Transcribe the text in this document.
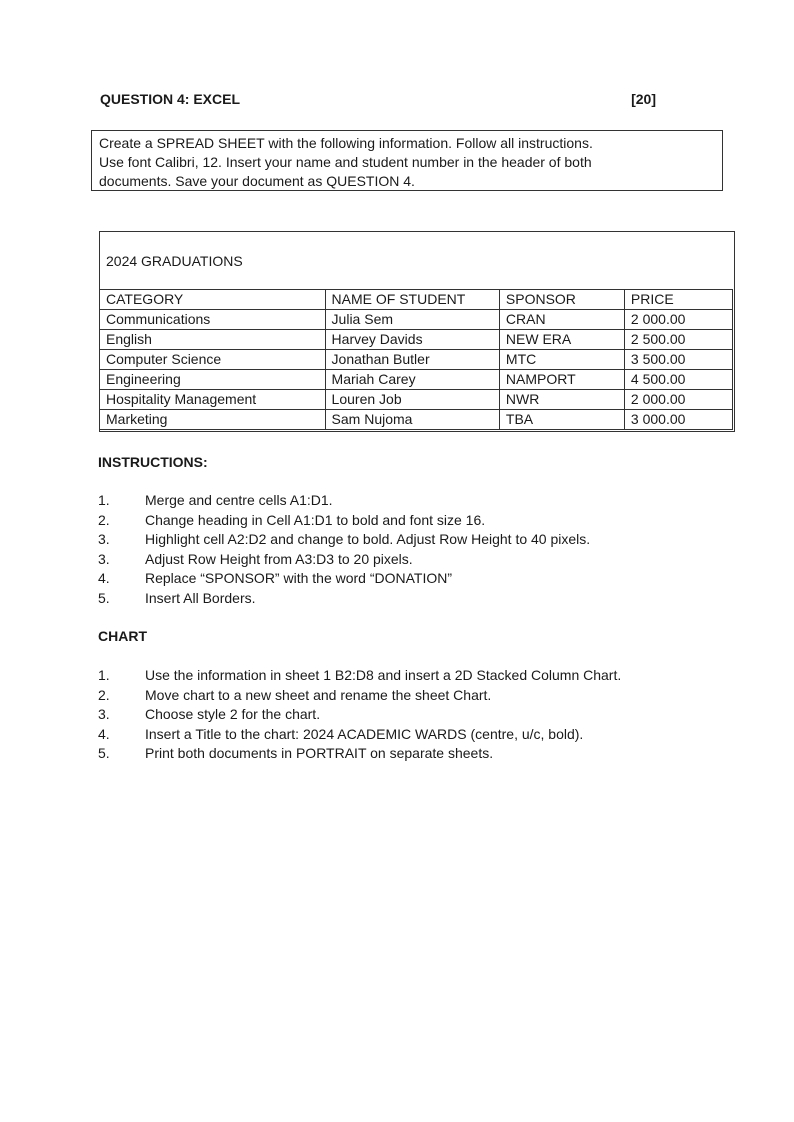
QUESTION 4: EXCEL	[20]
Create a SPREAD SHEET with the following information. Follow all instructions.
Use font Calibri, 12. Insert your name and student number in the header of both
documents. Save your document as QUESTION 4.
2024 GRADUATIONS
CATEGORY	NAME OF STUDENT	SPONSOR	PRICE
Communications	Julia Sem	CRAN	2 000.00
English	Harvey Davids	NEW ERA	2 500.00
Computer Science	Jonathan Butler	MTC	3 500.00
Engineering	Mariah Carey	NAMPORT	4 500.00
Hospitality Management	Louren Job	NWR	2 000.00
Marketing	Sam Nujoma	TBA	3 000.00
INSTRUCTIONS:
1.	Merge and centre cells A1:D1.
2.	Change heading in Cell A1:D1 to bold and font size 16.
3.	Highlight cell A2:D2 and change to bold. Adjust Row Height to 40 pixels.
3.	Adjust Row Height from A3:D3 to 20 pixels.
4.	Replace “SPONSOR” with the word “DONATION”
5.	Insert All Borders.
CHART
1.	Use the information in sheet 1 B2:D8 and insert a 2D Stacked Column Chart.
2.	Move chart to a new sheet and rename the sheet Chart.
3.	Choose style 2 for the chart.
4.	Insert a Title to the chart: 2024 ACADEMIC WARDS (centre, u/c, bold).
5.	Print both documents in PORTRAIT on separate sheets.
